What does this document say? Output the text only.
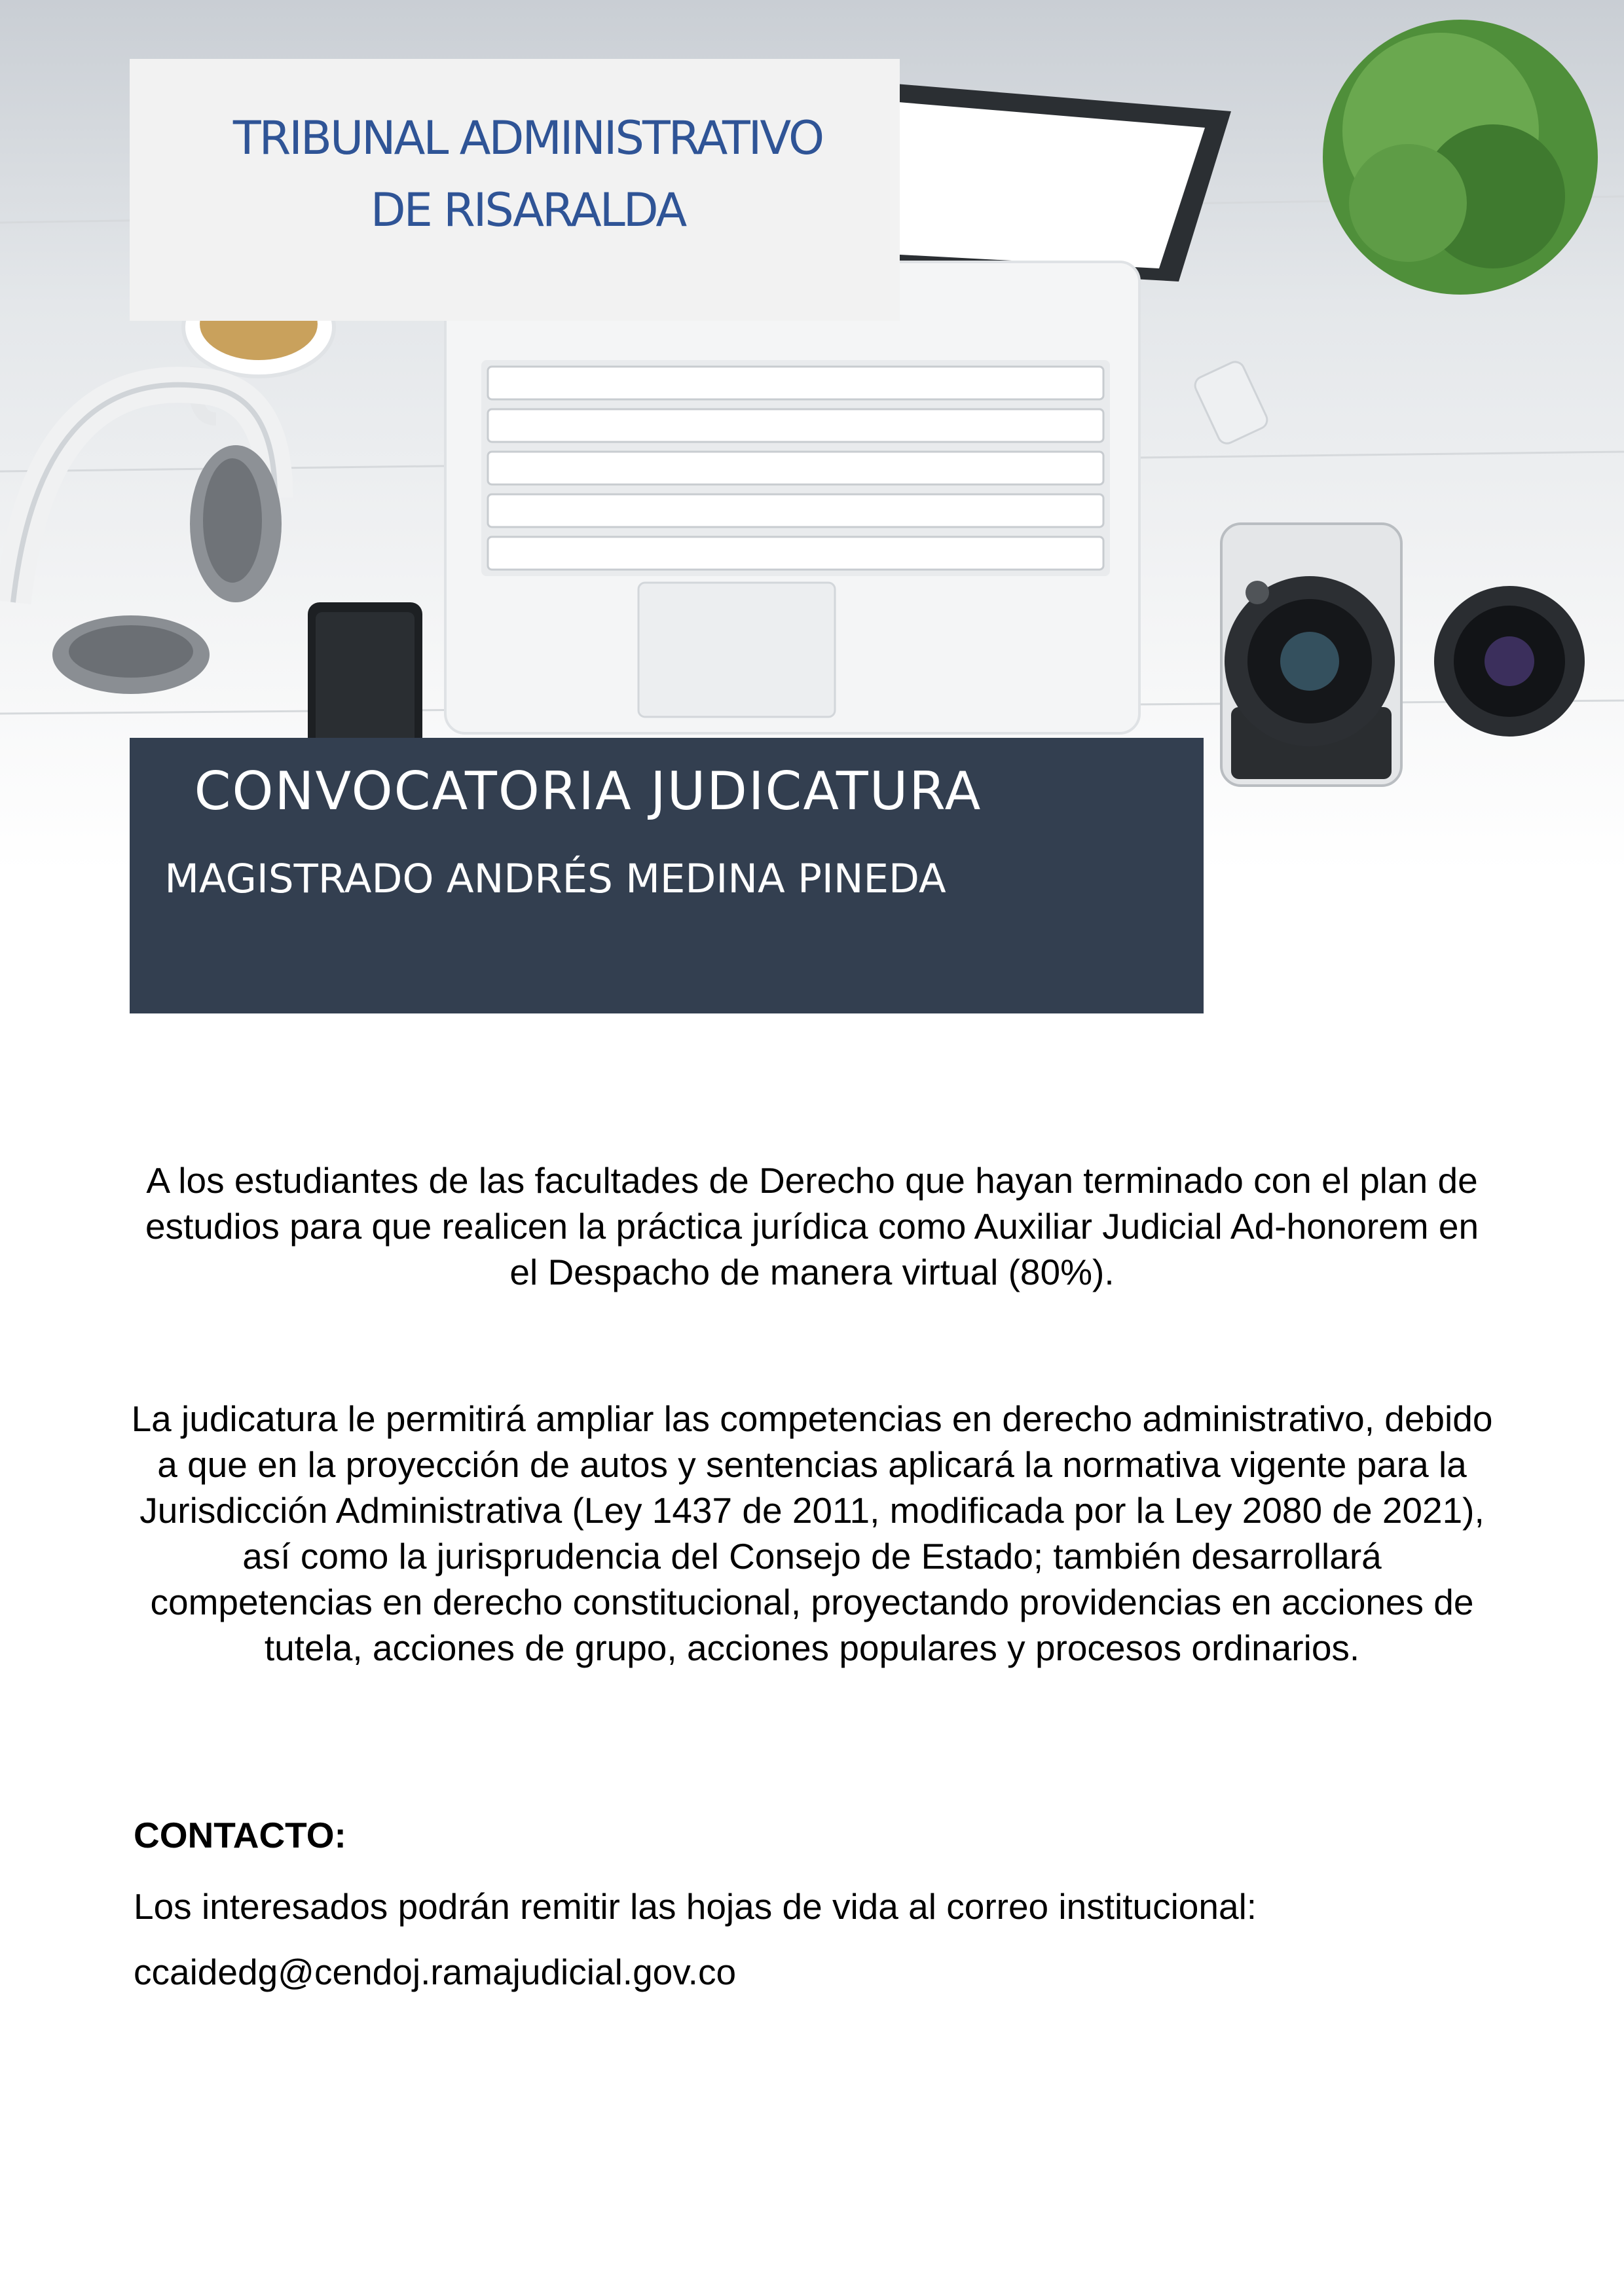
TRIBUNAL ADMINISTRATIVO
DE RISARALDA
CONVOCATORIA JUDICATURA
MAGISTRADO ANDRÉS MEDINA PINEDA
A los estudiantes de las facultades de Derecho que hayan terminado con el plan de estudios para que realicen la práctica jurídica como Auxiliar Judicial Ad-honorem en el Despacho de manera virtual (80%).
La judicatura le permitirá ampliar las competencias en derecho administrativo, debido a que en la proyección de autos y sentencias aplicará la normativa vigente para la Jurisdicción Administrativa (Ley 1437 de 2011, modificada por la Ley 2080 de 2021), así como la jurisprudencia del Consejo de Estado; también desarrollará competencias en derecho constitucional, proyectando providencias en acciones de tutela, acciones de grupo, acciones populares y procesos ordinarios.
CONTACTO:
Los interesados podrán remitir las hojas de vida al correo institucional:
ccaidedg@cendoj.ramajudicial.gov.co
